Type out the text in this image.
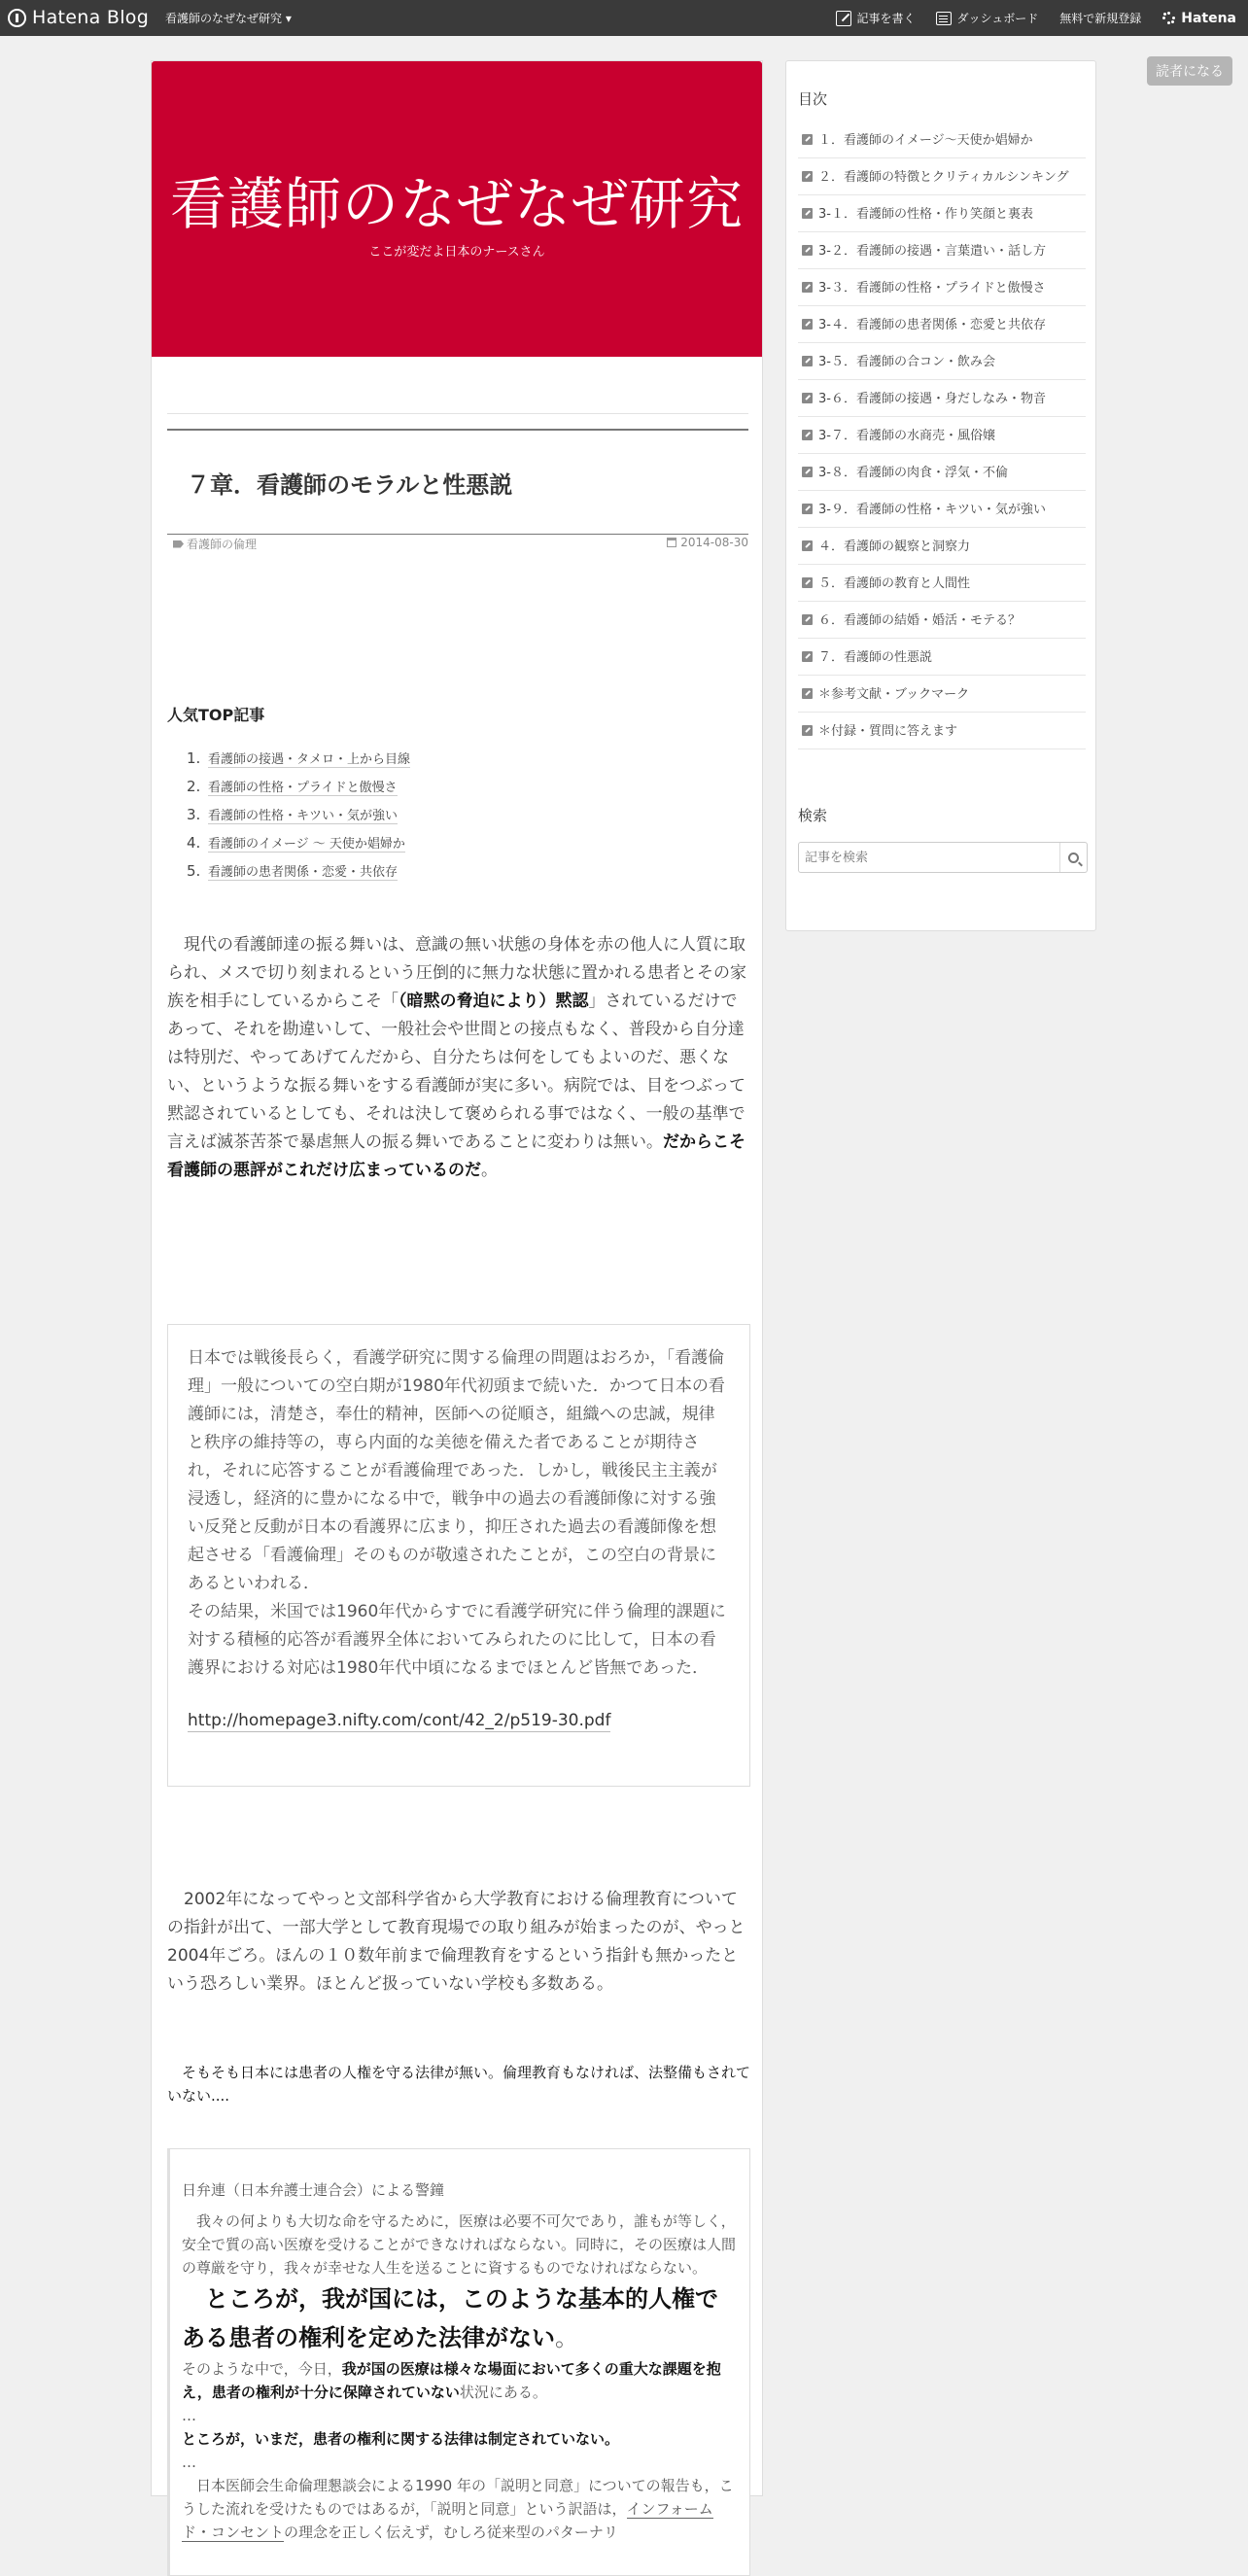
Hatena Blog 看護師のなぜなぜ研究 ▾	記事を書く	ダッシュボード 無料で新規登録	Hatena
読者になる
看護師のなぜなぜ研究
ここが変だよ日本のナースさん
７章．看護師のモラルと性悪説
看護師の倫理	2014-08-30
人気TOP記事
1. 看護師の接遇・タメロ・上から目線
2. 看護師の性格・プライドと傲慢さ
3. 看護師の性格・キツい・気が強い
4. 看護師のイメージ 〜 天使か娼婦か
5. 看護師の患者関係・恋愛・共依存
　現代の看護師達の振る舞いは、意識の無い状態の身体を赤の他人に人質に取られ、メスで切り刻まれるという圧倒的に無力な状態に置かれる患者とその家族を相手にしているからこそ「（暗黙の脅迫により）黙認」されているだけであって、それを勘違いして、一般社会や世間との接点もなく、普段から自分達は特別だ、やってあげてんだから、自分たちは何をしてもよいのだ、悪くない、というような振る舞いをする看護師が実に多い。病院では、目をつぶって黙認されているとしても、それは決して褒められる事ではなく、一般の基準で言えば滅茶苦茶で暴虐無人の振る舞いであることに変わりは無い。だからこそ看護師の悪評がこれだけ広まっているのだ。
日本では戦後長らく，看護学研究に関する倫理の問題はおろか，「看護倫理」一般についての空白期が1980年代初頭まで続いた．かつて日本の看護師には，清楚さ，奉仕的精神，医師への従順さ，組織への忠誠，規律と秩序の維持等の，専ら内面的な美徳を備えた者であることが期待され，それに応答することが看護倫理であった．しかし，戦後民主主義が浸透し，経済的に豊かになる中で，戦争中の過去の看護師像に対する強い反発と反動が日本の看護界に広まり，抑圧された過去の看護師像を想起させる「看護倫理」そのものが敬遠されたことが，この空白の背景にあるといわれる．
その結果，米国では1960年代からすでに看護学研究に伴う倫理的課題に対する積極的応答が看護界全体においてみられたのに比して，日本の看護界における対応は1980年代中頃になるまでほとんど皆無であった．
http://homepage3.nifty.com/cont/42_2/p519-30.pdf
　2002年になってやっと文部科学省から大学教育における倫理教育についての指針が出て、一部大学として教育現場での取り組みが始まったのが、やっと2004年ごろ。ほんの１０数年前まで倫理教育をするという指針も無かったという恐ろしい業界。ほとんど扱っていない学校も多数ある。
　そもそも日本には患者の人権を守る法律が無い。倫理教育もなければ、法整備もされていない....
日弁連（日本弁護士連合会）による警鐘
　我々の何よりも大切な命を守るために，医療は必要不可欠であり，誰もが等しく，安全で質の高い医療を受けることができなければならない。同時に，その医療は人間の尊厳を守り，我々が幸せな人生を送ることに資するものでなければならない。
　ところが，我が国には，このような基本的人権である患者の権利を定めた法律がない。
そのような中で，今日，我が国の医療は様々な場面において多くの重大な課題を抱え，患者の権利が十分に保障されていない状況にある。
…
ところが，いまだ，患者の権利に関する法律は制定されていない。
…
　日本医師会生命倫理懇談会による1990 年の「説明と同意」についての報告も，こうした流れを受けたものではあるが，「説明と同意」という訳語は，インフォームド・コンセントの理念を正しく伝えず，むしろ従来型のパターナリ
目次
１．看護師のイメージ〜天使か娼婦か
２．看護師の特徴とクリティカルシンキング
3-１．看護師の性格・作り笑顔と裏表
3-２．看護師の接遇・言葉遣い・話し方
3-３．看護師の性格・プライドと傲慢さ
3-４．看護師の患者関係・恋愛と共依存
3-５．看護師の合コン・飲み会
3-６．看護師の接遇・身だしなみ・物音
3-７．看護師の水商売・風俗嬢
3-８．看護師の肉食・浮気・不倫
3-９．看護師の性格・キツい・気が強い
４．看護師の観察と洞察力
５．看護師の教育と人間性
６．看護師の結婚・婚活・モテる？
７．看護師の性悪説
＊参考文献・ブックマーク
＊付録・質問に答えます
検索
記事を検索
